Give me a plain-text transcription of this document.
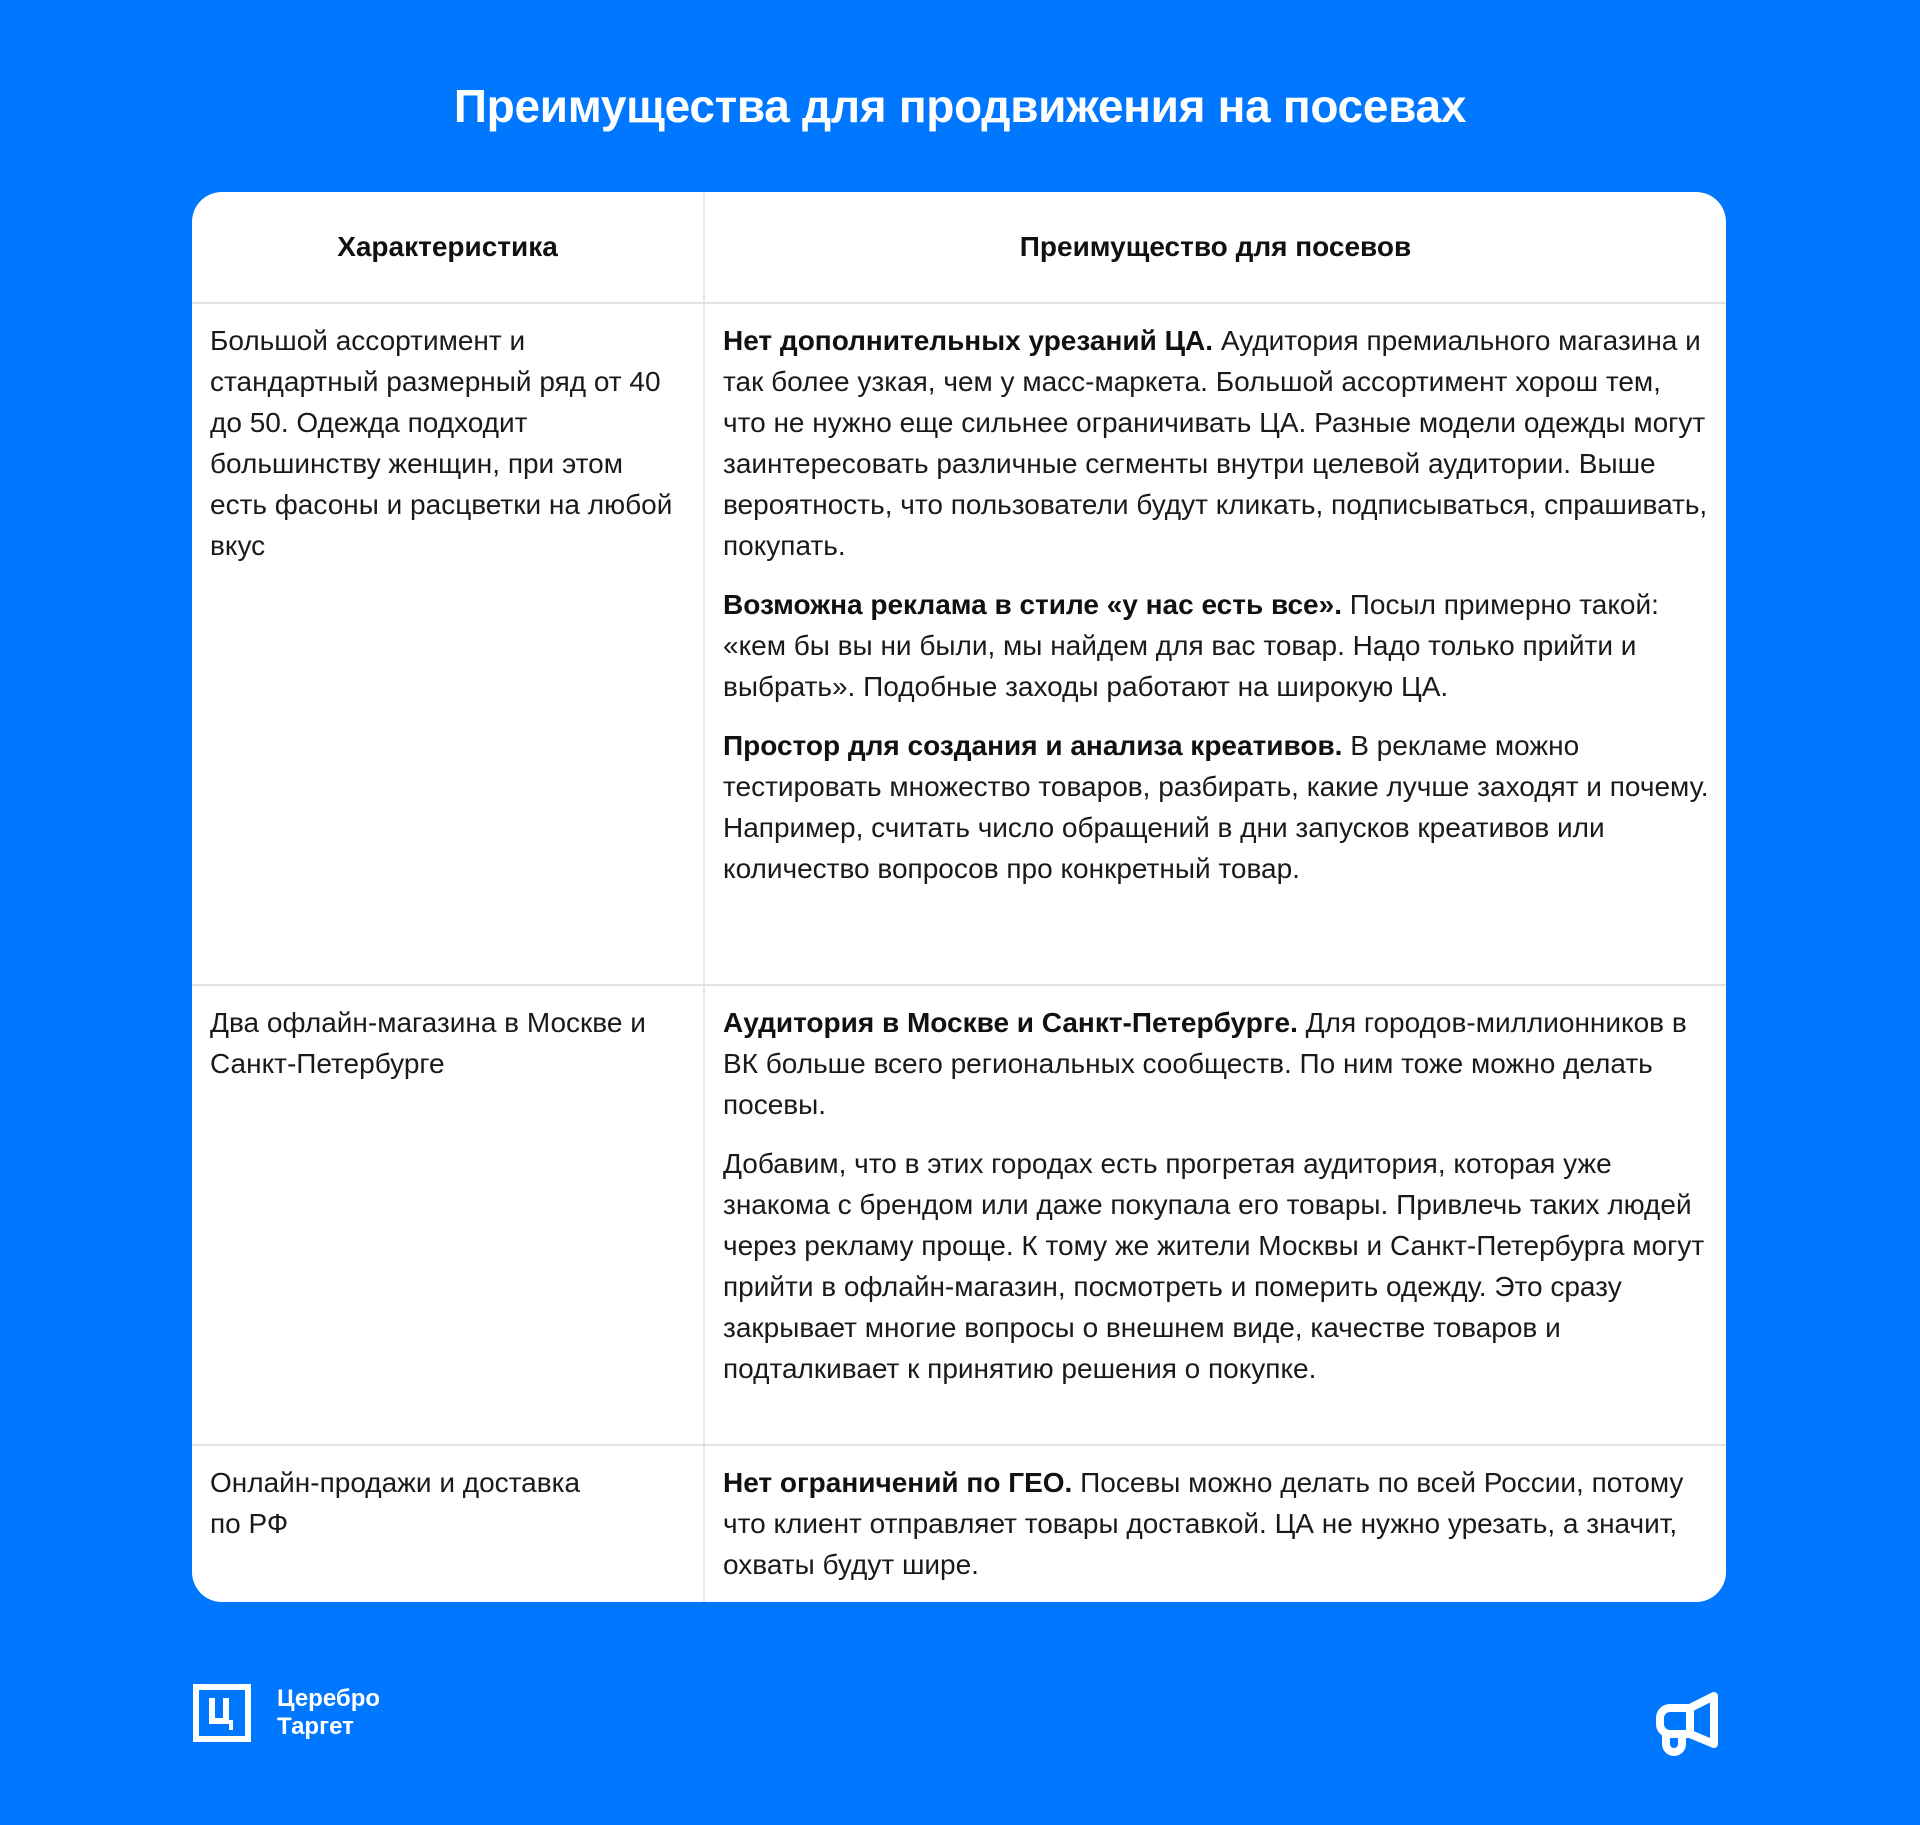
Преимущества для продвижения на посевах
Характеристика	Преимущество для посевов
Большой ассортимент и стандартный размерный ряд от 40 до 50. Одежда подходит большинству женщин, при этом есть фасоны и расцветки на любой вкус	Нет дополнительных урезаний ЦА. Аудитория премиального магазина и так более узкая, чем у масс-маркета. Большой ассортимент хорош тем, что не нужно еще сильнее ограничивать ЦА. Разные модели одежды могут заинтересовать различные сегменты внутри целевой аудитории. Выше вероятность, что пользователи будут кликать, подписываться, спрашивать, покупать.

Возможна реклама в стиле «у нас есть все». Посыл примерно такой: «кем бы вы ни были, мы найдем для вас товар. Надо только прийти и выбрать». Подобные заходы работают на широкую ЦА.

Простор для создания и анализа креативов. В рекламе можно тестировать множество товаров, разбирать, какие лучше заходят и почему. Например, считать число обращений в дни запусков креативов или количество вопросов про конкретный товар.

Два офлайн-магазина в Москве и Санкт-Петербурге	Аудитория в Москве и Санкт-Петербурге. Для городов-миллионников в ВК больше всего региональных сообществ. По ним тоже можно делать посевы.

Добавим, что в этих городах есть прогретая аудитория, которая уже знакома с брендом или даже покупала его товары. Привлечь таких людей через рекламу проще. К тому же жители Москвы и Санкт-Петербурга могут прийти в офлайн-магазин, посмотреть и померить одежду. Это сразу закрывает многие вопросы о внешнем виде, качестве товаров и подталкивает к принятию решения о покупке.

Онлайн-продажи и доставка по РФ	Нет ограничений по ГЕО. Посевы можно делать по всей России, потому что клиент отправляет товары доставкой. ЦА не нужно урезать, а значит, охваты будут шире.

Церебро
Таргет
